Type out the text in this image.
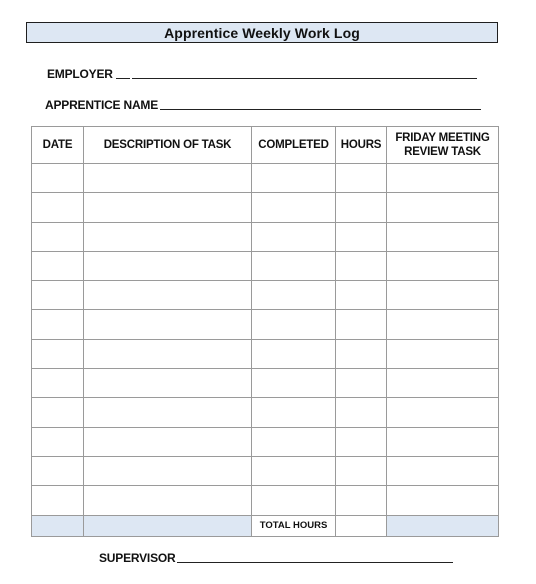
Apprentice Weekly Work Log
EMPLOYER
APPRENTICE NAME
DATE	DESCRIPTION OF TASK	COMPLETED	HOURS	FRIDAY MEETING
REVIEW TASK

		TOTAL HOURS		
SUPERVISOR
